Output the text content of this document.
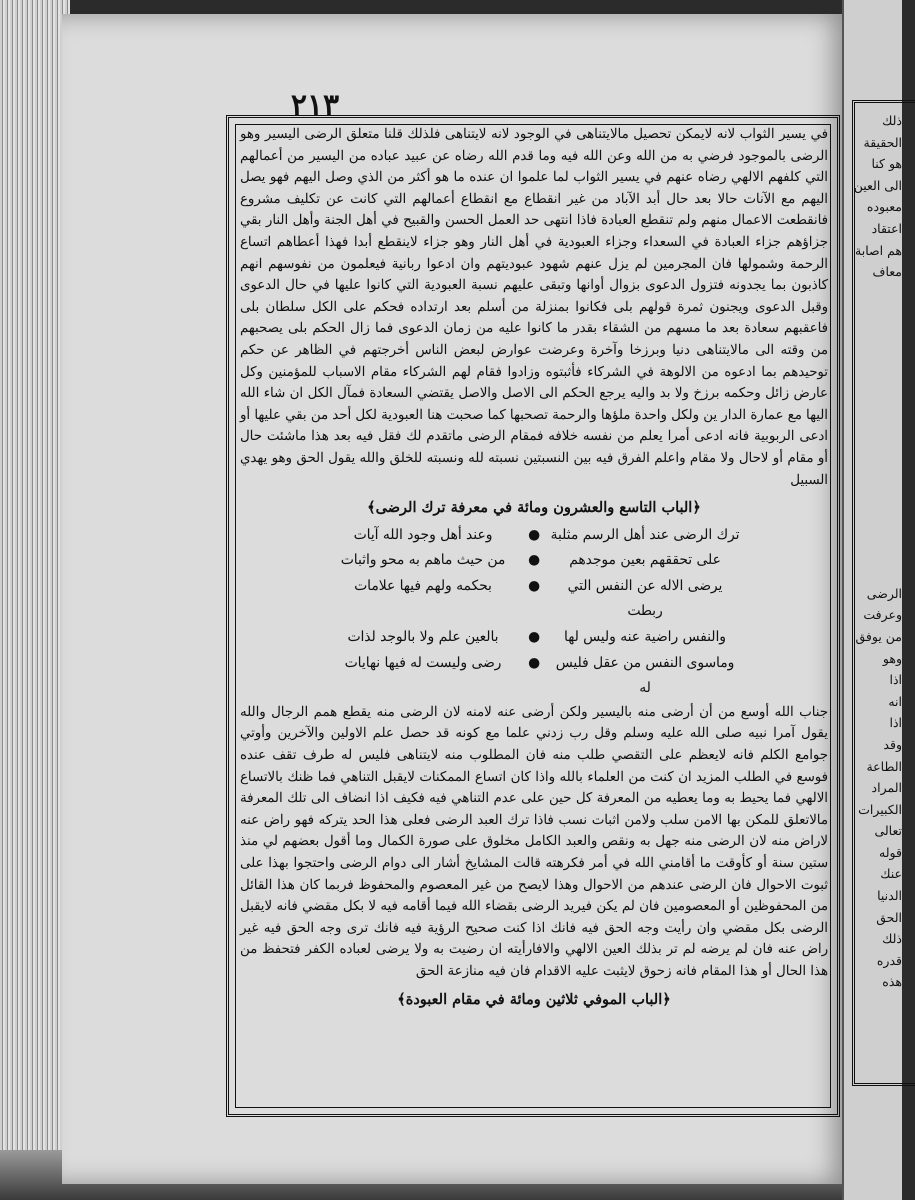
٢١٣

في يسير الثواب لانه لايمكن تحصيل مالايتناهى في الوجود لانه لايتناهى فلذلك قلنا متعلق الرضى اليسير وهو الرضى بالموجود فرضي به من الله وعن الله فيه وما قدم الله رضاه عن عبيد عباده من اليسير من أعمالهم التي كلفهم الالهي رضاه عنهم في يسير الثواب لما علموا ان عنده ما هو أكثر من الذي وصل اليهم فهو يصل اليهم مع الآنات حالا بعد حال أبد الآباد من غير انقطاع مع انقطاع أعمالهم التي كانت عن تكليف مشروع فانقطعت الاعمال منهم ولم تنقطع العبادة فاذا انتهى حد العمل الحسن والقبيح في أهل الجنة وأهل النار بقي جزاؤهم جزاء العبادة في السعداء وجزاء العبودية في أهل النار وهو جزاء لاينقطع أبدا فهذا أعطاهم اتساع الرحمة وشمولها فان المجرمين لم يزل عنهم شهود عبوديتهم وان ادعوا ربانية فيعلمون من نفوسهم انهم كاذبون بما يجدونه فتزول الدعوى بزوال أوانها وتبقى عليهم نسبة العبودية التي كانوا عليها في حال الدعوى وقبل الدعوى ويجنون ثمرة قولهم بلى فكانوا بمنزلة من أسلم بعد ارتداده فحكم على الكل سلطان بلى فاعقبهم سعادة بعد ما مسهم من الشقاء بقدر ما كانوا عليه من زمان الدعوى فما زال الحكم بلى يصحبهم من وقته الى مالايتناهى دنيا وبرزخا وآخرة وعرضت عوارض لبعض الناس أخرجتهم في الظاهر عن حكم توحيدهم بما ادعوه من الالوهة في الشركاء فأثبتوه وزادوا فقام لهم الشركاء مقام الاسباب للمؤمنين وكل عارض زائل وحكمه برزخ ولا بد واليه يرجع الحكم الى الاصل والاصل يقتضي السعادة فمآل الكل ان شاء الله اليها مع عمارة الدار ين ولكل واحدة ملؤها والرحمة تصحبها كما صحبت هنا العبودية لكل أحد من بقي عليها أو ادعى الربوبية فانه ادعى أمرا يعلم من نفسه خلافه فمقام الرضى ماتقدم لك فقل فيه بعد هذا ماشئت حال أو مقام أو لاحال ولا مقام واعلم الفرق فيه بين النسبتين نسبته لله ونسبته للخلق والله يقول الحق وهو يهدي السبيل

﴿الباب التاسع والعشرون ومائة في معرفة ترك الرضى﴾
ترك الرضى عند أهل الرسم مثلبة
●
وعند أهل وجود الله آيات
على تحققهم بعين موجدهم
●
من حيث ماهم به محو واثبات
يرضى الاله عن النفس التي ربطت
●
بحكمه ولهم فيها علامات
والنفس راضية عنه وليس لها
●
بالعين علم ولا بالوجد لذات
وماسوى النفس من عقل فليس له
●
رضى وليست له فيها نهايات

جناب الله أوسع من أن أرضى منه باليسير ولكن أرضى عنه لامنه لان الرضى منه يقطع همم الرجال والله يقول آمرا نبيه صلى الله عليه وسلم وقل رب زدني علما مع كونه قد حصل علم الاولين والآخرين وأوتي جوامع الكلم فانه لايعظم على التقصي طلب منه فان المطلوب منه لايتناهى فليس له طرف تقف عنده فوسع في الطلب المزيد ان كنت من العلماء بالله واذا كان اتساع الممكنات لايقبل التناهي فما ظنك بالاتساع الالهي فما يحيط به وما يعطيه من المعرفة كل حين على عدم التناهي فيه فكيف اذا انضاف الى تلك المعرفة مالاتعلق للمكن بها الامن سلب ولامن اثبات نسب فاذا ترك العبد الرضى فعلى هذا الحد يتركه فهو راض عنه لاراض منه لان الرضى منه جهل به ونقص والعبد الكامل مخلوق على صورة الكمال وما أقول بعضهم لي منذ ستين سنة أو كأوقت ما أقامني الله في أمر فكرهته قالت المشايخ أشار الى دوام الرضى واحتجوا بهذا على ثبوت الاحوال فان الرضى عندهم من الاحوال وهذا لايصح من غير المعصوم والمحفوظ فربما كان هذا القائل من المحفوظين أو المعصومين فان لم يكن فيريد الرضى بقضاء الله فيما أقامه فيه لا بكل مقضي فانه لايقبل الرضى بكل مقضي وان رأيت وجه الحق فيه فانك اذا كنت صحيح الرؤية فيه فانك ترى وجه الحق فيه غير راض عنه فان لم يرضه لم تر بذلك العين الالهي والافارأيته ان رضيت به ولا يرضى لعباده الكفر فتحفظ من هذا الحال أو هذا المقام فانه زحوق لايثبت عليه الاقدام فان فيه منازعة الحق

﴿الباب الموفي ثلاثين ومائة في مقام العبودة﴾
ذلك
الحقيقة
هو كنا
الى العين
معبوده
اعتقاد
هم اصابة
معاف
الرضى
وعرفت
من يوفق
وهو
اذا
انه
اذا
وقد
الطاعة
المراد
الكبيرات
تعالى
قوله
عنك
الدنيا
الحق
ذلك
قدره
هذه
